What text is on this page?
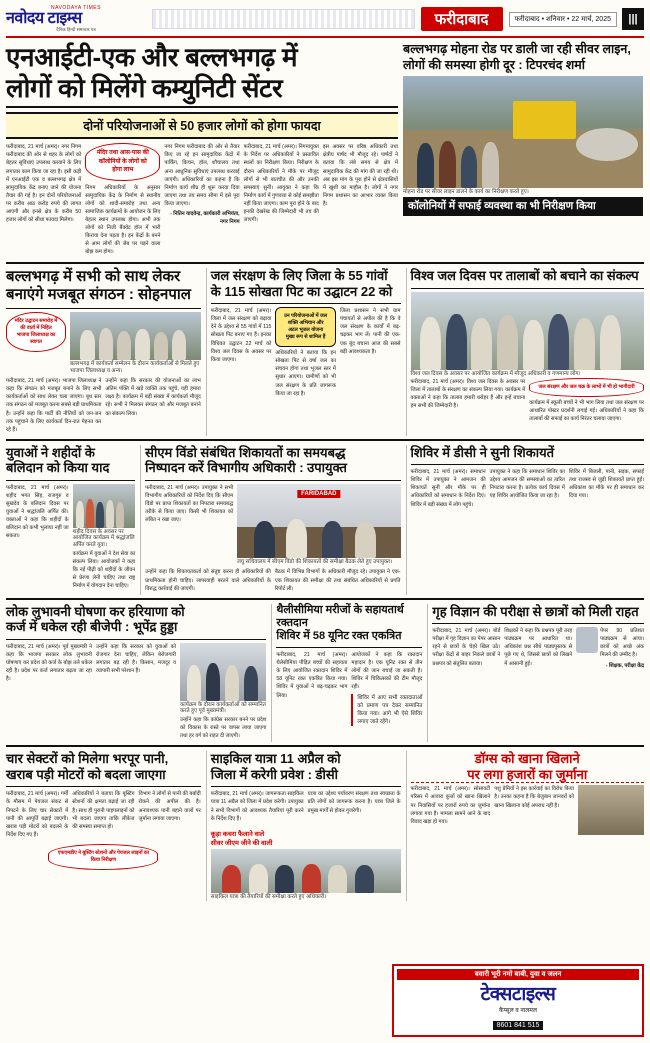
NAVODAYA TIMES
नवोदय टाइम्स
दैनिक हिन्दी समाचार पत्र
फरीदाबाद	फरीदाबाद • शनिवार • 22 मार्च, 2025	|||
एनआईटी-एक और बल्लभगढ़ में
लोगों को मिलेंगे कम्युनिटी सेंटर
दोनों परियोजनाओं से 50 हजार लोगों को होगा फायदा

फरीदाबाद, 21 मार्च (अमर)। नगर निगम फरीदाबाद की ओर से शहर के लोगों को बेहतर सुविधाएं उपलब्ध करवाने के लिए लगातार काम किया जा रहा है। इसी कड़ी में एनआईटी एक व बल्लभगढ़ क्षेत्र में सामुदायिक केंद्र बनाए जाने की योजना तैयार की गई है। इन दोनों परियोजनाओं पर करीब आठ करोड़ रुपये की लागत आएगी और इनसे क्षेत्र के करीब 50 हजार लोगों को सीधा फायदा मिलेगा।

मंदिर तथा आस-पास की कॉलोनियों के लोगों को होगा लाभ

निगम अधिकारियों के अनुसार सामुदायिक केंद्र के निर्माण से स्थानीय लोगों को शादी-समारोह तथा अन्य सामाजिक कार्यक्रमों के आयोजन के लिए बेहतर स्थान उपलब्ध होगा। अभी तक लोगों को निजी बैंक्वेट हॉल में भारी किराया देना पड़ता है। इन केंद्रों के बनने से आम लोगों की जेब पर पड़ने वाला बोझ कम होगा।

नगर निगम फरीदाबाद की ओर से तैयार किए जा रहे इन सामुदायिक केंद्रों में पार्किंग, किचन, हॉल, शौचालय तथा अन्य आधुनिक सुविधाएं उपलब्ध करवाई जाएंगी। अधिकारियों का कहना है कि निर्माण कार्य शीघ्र ही शुरू करवा दिया जाएगा तथा तय समय सीमा में इसे पूरा किया जाएगा।

- नितिन यादवेन्द्र, कार्यकारी अभियंता, नगर निगम

फरीदाबाद, 21 मार्च (अमर)। निगमायुक्त के निर्देश पर अधिकारियों ने प्रस्तावित स्थलों का निरीक्षण किया। निरीक्षण के दौरान अधिकारियों ने मौके पर मौजूद लोगों से भी बातचीत की और उनकी समस्याएं सुनीं। आयुक्त ने कहा कि निर्माण कार्य में गुणवत्ता से कोई समझौता नहीं किया जाएगा। काम पूरा होने के बाद इनकी देखरेख की जिम्मेदारी भी तय की जाएगी।

इस अवसर पर वरिष्ठ अधिकारी तथा क्षेत्रीय पार्षद भी मौजूद रहे। पार्षदों ने बताया कि लंबे समय से क्षेत्र में सामुदायिक केंद्र की मांग की जा रही थी। अब इस मांग के पूरा होने से क्षेत्रवासियों में खुशी का माहौल है। लोगों ने नगर निगम प्रशासन का आभार व्यक्त किया है।

बल्लभगढ़ मोहना रोड पर डाली जा रही सीवर लाइन, लोगों की समस्या होगी दूर : टिपरचंद शर्मा
मोहना रोड पर सीवर लाइन डालने के कार्य का निरीक्षण करते हुए।
कॉलोनियों में सफाई व्यवस्था का भी निरीक्षण किया
बल्लभगढ़ में सभी को साथ लेकर
बनाएंगे मजबूत संगठन : सोहनपाल
मंदिर उद्घाटन समारोह में की वार्ता में निहित भाजपा जिलाध्यक्ष का स्वागत
बल्लभगढ़ में कार्यकर्ता सम्मेलन के दौरान कार्यकर्ताओं से मिलते हुए भाजपा जिलाध्यक्ष व अन्य।

फरीदाबाद, 21 मार्च (अमर)। भाजपा जिलाध्यक्ष ने कहा कि संगठन को मजबूत बनाने के लिए सभी कार्यकर्ताओं को साथ लेकर चला जाएगा। बूथ स्तर तक संगठन को मजबूत करना सबसे बड़ी प्राथमिकता है। उन्होंने कहा कि पार्टी की नीतियों को जन-जन तक पहुंचाने के लिए कार्यकर्ता दिन-रात मेहनत कर रहे हैं।

उन्होंने कहा कि सरकार की योजनाओं का लाभ अंतिम पंक्ति में खड़े व्यक्ति तक पहुंचे, यही हमारा लक्ष्य है। कार्यक्रम में बड़ी संख्या में कार्यकर्ता मौजूद रहे। सभी ने मिलकर संगठन को और मजबूत बनाने का संकल्प लिया।

जल संरक्षण के लिए जिला के 55 गांवों
के 115 सोखता पिट का उद्घाटन 22 को

फरीदाबाद, 21 मार्च (अमर)। जिला में जल संरक्षण को बढ़ावा देने के उद्देश्य से 55 गांवों में 115 सोखता पिट बनाए गए हैं। इनका विधिवत उद्घाटन 22 मार्च को विश्व जल दिवस के अवसर पर किया जाएगा।

उन परियोजनाओं में जल शक्ति अभियान और अटल भूजल योजना मुख्य रूप से शामिल हैं

अधिकारियों ने बताया कि इन सोखता पिट से वर्षा जल का संचयन होगा तथा भूजल स्तर में सुधार आएगा। ग्रामीणों को भी जल संरक्षण के प्रति जागरूक किया जा रहा है।

जिला प्रशासन ने सभी ग्राम पंचायतों से अपील की है कि वे जल संरक्षण के कार्यों में बढ़-चढ़कर भाग लें। पानी की एक-एक बूंद बचाना आज की सबसे बड़ी आवश्यकता है।

विश्व जल दिवस पर तालाबों को बचाने का संकल्प
विश्व जल दिवस के अवसर पर आयोजित कार्यक्रम में मौजूद अधिकारी व गणमान्य लोग।

फरीदाबाद, 21 मार्च (अमर)। विश्व जल दिवस के अवसर पर जिला में तालाबों के संरक्षण का संकल्प लिया गया। कार्यक्रम में वक्ताओं ने कहा कि तालाब हमारी धरोहर हैं और इन्हें बचाना हम सभी की जिम्मेदारी है।

जल संरक्षण और जल चक्र के लाभों में भी हो भागीदारी

कार्यक्रम में स्कूली बच्चों ने भी भाग लिया तथा जल संरक्षण पर आधारित पोस्टर प्रदर्शनी लगाई गई। अधिकारियों ने कहा कि तालाबों की सफाई का कार्य निरंतर चलाया जाएगा।

युवाओं ने शहीदों के
बलिदान को किया याद

फरीदाबाद, 21 मार्च (अमर)। शहीद भगत सिंह, राजगुरु व सुखदेव के बलिदान दिवस पर युवाओं ने श्रद्धांजलि अर्पित की। वक्ताओं ने कहा कि शहीदों के बलिदान को कभी भुलाया नहीं जा सकता।

शहीद दिवस के अवसर पर आयोजित कार्यक्रम में श्रद्धांजलि अर्पित करते युवा।

कार्यक्रम में युवाओं ने देश सेवा का संकल्प लिया। आयोजकों ने कहा कि नई पीढ़ी को शहीदों के जीवन से प्रेरणा लेनी चाहिए तथा राष्ट्र निर्माण में योगदान देना चाहिए।

सीएम विंडो संबंधित शिकायतों का समयबद्ध
निष्पादन करें विभागीय अधिकारी : उपायुक्त

फरीदाबाद, 21 मार्च (अमर)। उपायुक्त ने सभी विभागीय अधिकारियों को निर्देश दिए कि सीएम विंडो पर प्राप्त शिकायतों का निपटारा समयबद्ध तरीके से किया जाए। किसी भी शिकायत को लंबित न रखा जाए।

FARIDABAD
लघु सचिवालय में सीएम विंडो की शिकायतों की समीक्षा बैठक लेते हुए उपायुक्त।

उन्होंने कहा कि शिकायतकर्ता को संतुष्ट करना ही अधिकारियों की प्राथमिकता होनी चाहिए। लापरवाही बरतने वाले अधिकारियों के विरुद्ध कार्रवाई की जाएगी।

बैठक में विभिन्न विभागों के अधिकारी मौजूद रहे। उपायुक्त ने एक-एक शिकायत की समीक्षा की तथा संबंधित अधिकारियों से प्रगति रिपोर्ट ली।

शिविर में डीसी ने सुनी शिकायतें

फरीदाबाद, 21 मार्च (अमर)। समाधान शिविर में उपायुक्त ने आमजन की शिकायतें सुनीं और मौके पर ही अधिकारियों को समाधान के निर्देश दिए। शिविर में बड़ी संख्या में लोग पहुंचे।

उपायुक्त ने कहा कि समाधान शिविर का उद्देश्य आमजन की समस्याओं का त्वरित निपटारा करना है। प्रत्येक कार्य दिवस में यह शिविर आयोजित किया जा रहा है।

शिविर में बिजली, पानी, सड़क, सफाई तथा राजस्व से जुड़ी शिकायतें प्राप्त हुईं। अधिकांश का मौके पर ही समाधान कर दिया गया।

लोक लुभावनी घोषणा कर हरियाणा को
कर्ज में धकेल रही बीजेपी : भूपेंद्र हुड्डा

फरीदाबाद, 21 मार्च (अमर)। पूर्व मुख्यमंत्री ने कहा कि भाजपा सरकार लोक लुभावनी घोषणाएं कर प्रदेश को कर्ज के बोझ तले धकेल रही है। प्रदेश पर कर्ज लगातार बढ़ता जा रहा है।

उन्होंने कहा कि सरकार को युवाओं को रोजगार देना चाहिए, लेकिन बेरोजगारी लगातार बढ़ रही है। किसान, मजदूर व व्यापारी सभी परेशान हैं।

कार्यक्रम के दौरान कार्यकर्ताओं को सम्मानित करते हुए पूर्व मुख्यमंत्री।

उन्होंने कहा कि कांग्रेस सरकार बनने पर प्रदेश को विकास के रास्ते पर वापस लाया जाएगा तथा हर वर्ग को राहत दी जाएगी।

थैलीसीमिया मरीजों के सहायतार्थ रक्तदान
शिविर में 58 यूनिट रक्त एकत्रित

फरीदाबाद, 21 मार्च (अमर)। थैलेसीमिया पीड़ित बच्चों की सहायता के लिए आयोजित रक्तदान शिविर में 58 यूनिट रक्त एकत्रित किया गया। शिविर में युवाओं ने बढ़-चढ़कर भाग लिया।

आयोजकों ने कहा कि रक्तदान महादान है। एक यूनिट रक्त से तीन लोगों की जान बचाई जा सकती है। शिविर में चिकित्सकों की टीम मौजूद रही।

शिविर में आए सभी रक्तदाताओं को प्रमाण पत्र देकर सम्मानित किया गया। आगे भी ऐसे शिविर लगाए जाते रहेंगे।
गृह विज्ञान की परीक्षा से छात्रों को मिली राहत

फरीदाबाद, 21 मार्च (अमर)। बोर्ड परीक्षा में गृह विज्ञान का पेपर आसान रहने से छात्रों के चेहरे खिल उठे। परीक्षा केंद्रों से बाहर निकले छात्रों ने प्रश्नपत्र को संतुलित बताया।

शिक्षकों ने कहा कि प्रश्नपत्र पूरी तरह पाठ्यक्रम पर आधारित था। अधिकांश प्रश्न सीधे पाठ्यपुस्तक से पूछे गए थे, जिससे छात्रों को लिखने में आसानी हुई।

पेपर 90 प्रतिशत पाठ्यक्रम से आया। छात्रों को अच्छे अंक मिलने की उम्मीद है।

- शिक्षक, परीक्षा केंद्र

चार सेक्टरों को मिलेगा भरपूर पानी,
खराब पड़ी मोटरों को बदला जाएगा

फरीदाबाद, 21 मार्च (अमर)। गर्मी के मौसम में पेयजल संकट से निपटने के लिए चार सेक्टरों में पानी की आपूर्ति बढ़ाई जाएगी। खराब पड़ी मोटरों को बदलने के निर्देश दिए गए हैं।

अधिकारियों ने बताया कि बूस्टिंग स्टेशनों की क्षमता बढ़ाई जा रही है। साथ ही पुरानी पाइपलाइनों को भी बदला जाएगा ताकि लीकेज की समस्या समाप्त हो।

विभाग ने लोगों से पानी की बर्बादी रोकने की अपील की है। अनावश्यक पानी बहाने वालों पर जुर्माना लगाया जाएगा।

एफएमडीए ने बूस्टिंग स्टेशनों और पेयजल लाइनों का किया निरीक्षण
साइकिल यात्रा 11 अप्रैल को
जिला में करेगी प्रवेश : डीसी

फरीदाबाद, 21 मार्च (अमर)। जागरूकता साइकिल यात्रा 11 अप्रैल को जिला में प्रवेश करेगी। उपायुक्त ने सभी विभागों को आवश्यक तैयारियां पूरी करने के निर्देश दिए हैं।

यात्रा का उद्देश्य पर्यावरण संरक्षण तथा स्वच्छता के प्रति लोगों को जागरूक करना है। यात्रा जिले के प्रमुख मार्गों से होकर गुजरेगी।

कूड़ा कचरा फैलाने वाले
सीवर जीएम जीने की वाली
साइकिल यात्रा की तैयारियों की समीक्षा करते हुए अधिकारी।
डॉग्स को खाना खिलाने
पर लगा हजारों का जुर्माना

फरीदाबाद, 21 मार्च (अमर)। सोसायटी परिसर में आवारा कुत्तों को खाना खिलाने पर निवासियों पर हजारों रुपये का जुर्माना लगाया गया है। मामला सामने आने के बाद विवाद खड़ा हो गया।

पशु प्रेमियों ने इस कार्रवाई का विरोध किया है। उनका कहना है कि बेजुबान जानवरों को खाना खिलाना कोई अपराध नहीं है।

बवारी भूरी नमो बाबी, युवा व जलन
टेक्सटाइल्स
कैप्सूल व नालमल
8601 841 515
